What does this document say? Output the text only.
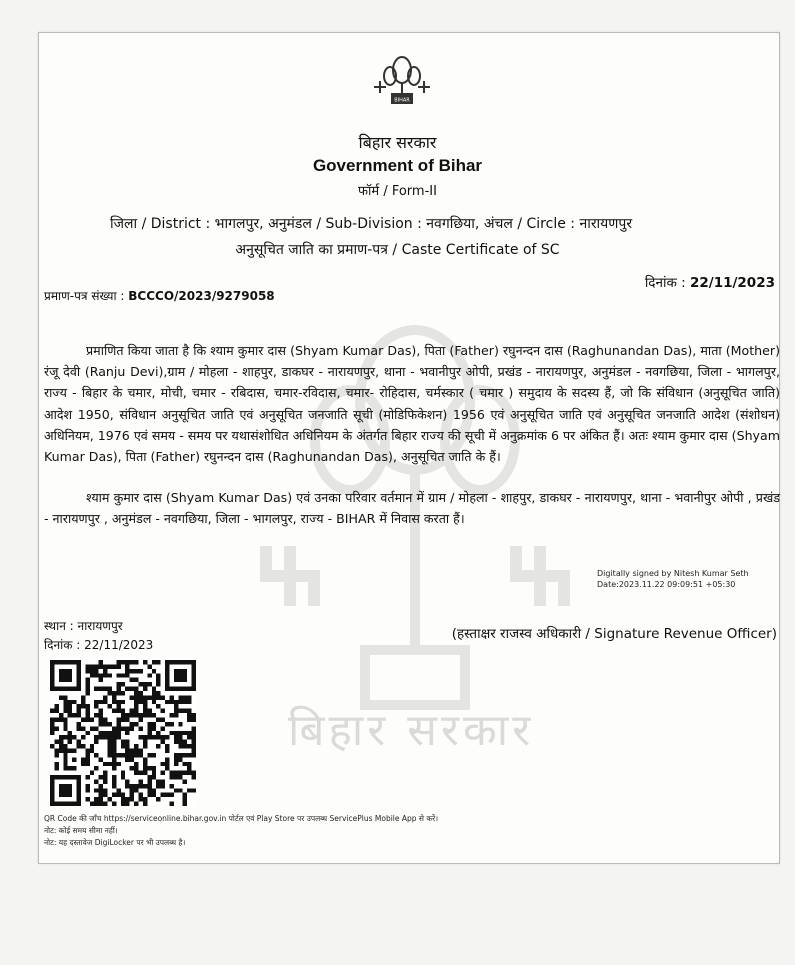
बिहार सरकार
BIHAR
बिहार सरकार
Government of Bihar
फॉर्म / Form-II
जिला / District : भागलपुर, अनुमंडल / Sub-Division : नवगछिया, अंचल / Circle : नारायणपुर
अनुसूचित जाति का प्रमाण-पत्र / Caste Certificate of SC
प्रमाण-पत्र संख्या : BCCCO/2023/9279058
दिनांक : 22/11/2023
प्रमाणित किया जाता है कि श्याम कुमार दास (Shyam Kumar Das), पिता (Father) रघुनन्दन दास (Raghunandan Das), माता (Mother) रंजू देवी (Ranju Devi),ग्राम / मोहला - शाहपुर, डाकघर - नारायणपुर, थाना - भवानीपुर ओपी, प्रखंड - नारायणपुर, अनुमंडल - नवगछिया, जिला - भागलपुर, राज्य - बिहार के चमार, मोची, चमार - रबिदास, चमार-रविदास, चमार- रोहिदास, चर्मस्कार ( चमार ) समुदाय के सदस्य हैं, जो कि संविधान (अनुसूचित जाति) आदेश 1950, संविधान अनुसूचित जाति एवं अनुसूचित जनजाति सूची (मोडिफिकेशन) 1956 एवं अनुसूचित जाति एवं अनुसूचित जनजाति आदेश (संशोधन) अधिनियम, 1976 एवं समय - समय पर यथासंशोधित अधिनियम के अंतर्गत बिहार राज्य की सूची में अनुक्रमांक 6 पर अंकित हैं। अतः श्याम कुमार दास (Shyam Kumar Das), पिता (Father) रघुनन्दन दास (Raghunandan Das), अनुसूचित जाति के हैं।
श्याम कुमार दास (Shyam Kumar Das) एवं उनका परिवार वर्तमान में ग्राम / मोहला - शाहपुर, डाकघर - नारायणपुर, थाना - भवानीपुर ओपी , प्रखंड - नारायणपुर , अनुमंडल - नवगछिया, जिला - भागलपुर, राज्य - BIHAR में निवास करता हैं।
Digitally signed by Nitesh Kumar Seth
Date:2023.11.22 09:09:51 +05:30
स्थान : नारायणपुर
दिनांक : 22/11/2023
(हस्ताक्षर राजस्व अधिकारी / Signature Revenue Officer)
QR Code की जाँच https://serviceonline.bihar.gov.in पोर्टल एवं Play Store पर उपलब्ध ServicePlus Mobile App से करें।
नोट: कोई समय सीमा नहीं।
नोट: यह दस्तावेज DigiLocker पर भी उपलब्ध है।
